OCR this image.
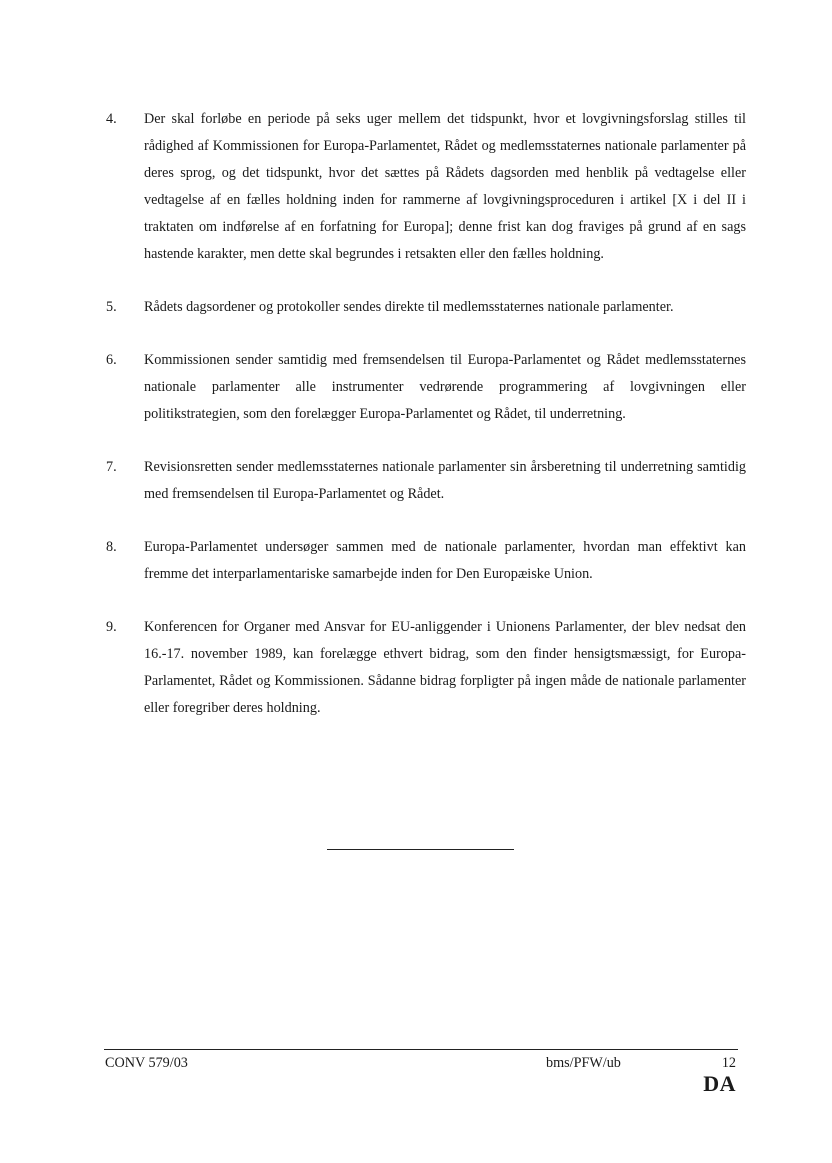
4.	Der skal forløbe en periode på seks uger mellem det tidspunkt, hvor et lovgivningsforslag stilles til rådighed af Kommissionen for Europa-Parlamentet, Rådet og medlemsstaternes nationale parlamenter på deres sprog, og det tidspunkt, hvor det sættes på Rådets dagsorden med henblik på vedtagelse eller vedtagelse af en fælles holdning inden for rammerne af lovgivningsproceduren i artikel [X i del II i traktaten om indførelse af en forfatning for Europa]; denne frist kan dog fraviges på grund af en sags hastende karakter, men dette skal begrundes i retsakten eller den fælles holdning.
5.	Rådets dagsordener og protokoller sendes direkte til medlemsstaternes nationale parlamenter.
6.	Kommissionen sender samtidig med fremsendelsen til Europa-Parlamentet og Rådet medlemsstaternes nationale parlamenter alle instrumenter vedrørende programmering af lovgivningen eller politikstrategien, som den forelægger Europa-Parlamentet og Rådet, til underretning.
7.	Revisionsretten sender medlemsstaternes nationale parlamenter sin årsberetning til underretning samtidig med fremsendelsen til Europa-Parlamentet og Rådet.
8.	Europa-Parlamentet undersøger sammen med de nationale parlamenter, hvordan man effektivt kan fremme det interparlamentariske samarbejde inden for Den Europæiske Union.
9.	Konferencen for Organer med Ansvar for EU-anliggender i Unionens Parlamenter, der blev nedsat den 16.-17. november 1989, kan forelægge ethvert bidrag, som den finder hensigtsmæssigt, for Europa-Parlamentet, Rådet og Kommissionen. Sådanne bidrag forpligter på ingen måde de nationale parlamenter eller foregriber deres holdning.
CONV 579/03	bms/PFW/ub	12
DA
